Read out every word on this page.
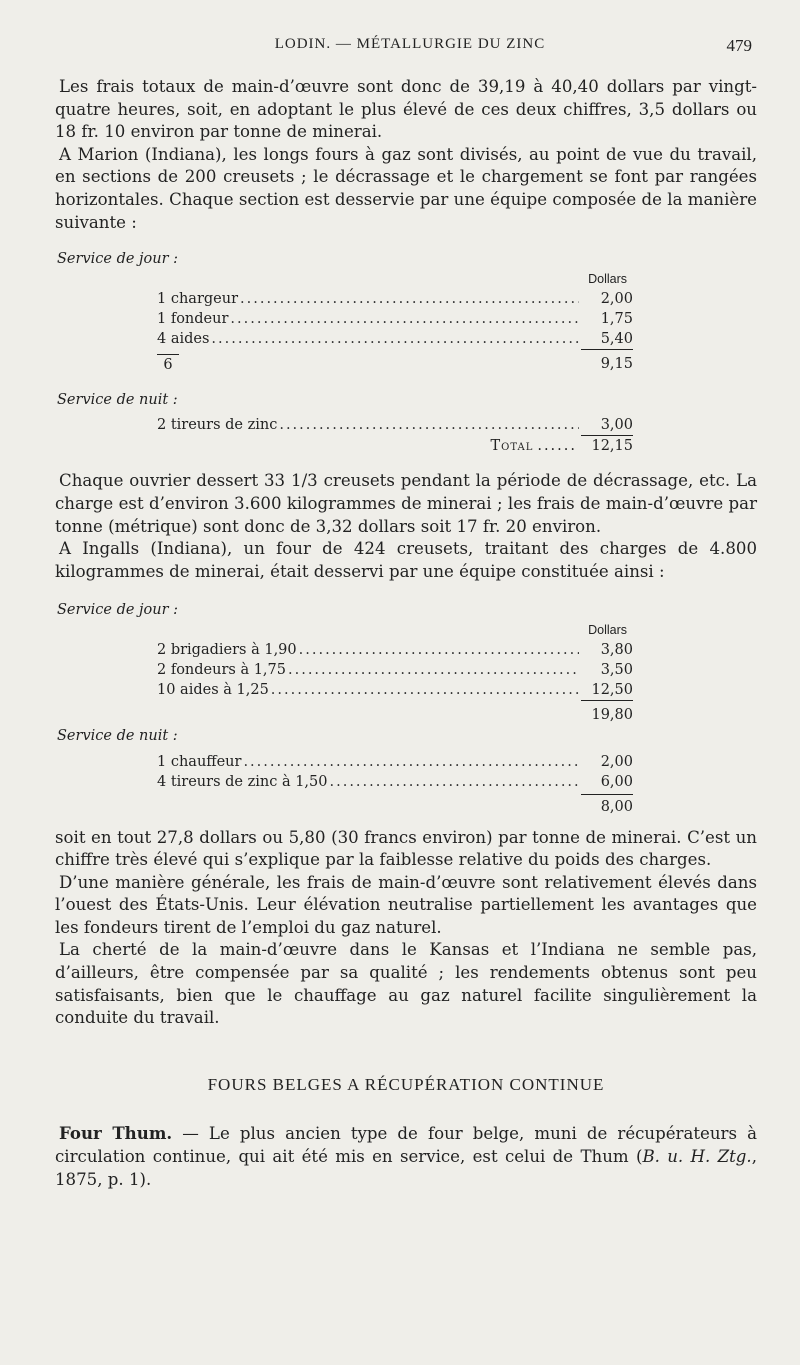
LODIN. — MÉTALLURGIE DU ZINC	479

Les frais totaux de main-d’œuvre sont donc de 39,19 à 40,40 dollars par vingt-quatre heures, soit, en adoptant le plus élevé de ces deux chiffres, 3,5 dollars ou 18 fr. 10 environ par tonne de minerai.

A Marion (Indiana), les longs fours à gaz sont divisés, au point de vue du travail, en sections de 200 creusets ; le décrassage et le chargement se font par rangées horizontales. Chaque section est desservie par une équipe composée de la manière suivante :

Service de jour :
Dollars
1 chargeur .....	2,00
1 fondeur .....	1,75
4 aides .....	5,40
6	9,15
Service de nuit :
2 tireurs de zinc .....	3,00
Total ...... 12,15

Chaque ouvrier dessert 33 1/3 creusets pendant la période de décrassage, etc. La charge est d’environ 3.600 kilogrammes de minerai ; les frais de main-d’œuvre par tonne (métrique) sont donc de 3,32 dollars soit 17 fr. 20 environ.

A Ingalls (Indiana), un four de 424 creusets, traitant des charges de 4.800 kilogrammes de minerai, était desservi par une équipe constituée ainsi :

Service de jour :
Dollars
2 brigadiers à 1,90 .....	3,80
2 fondeurs à 1,75 .....	3,50
10 aides à 1,25 .....	12,50
19,80
Service de nuit :
1 chauffeur .....	2,00
4 tireurs de zinc à 1,50 .....	6,00
8,00

soit en tout 27,8 dollars ou 5,80 (30 francs environ) par tonne de minerai. C’est un chiffre très élevé qui s’explique par la faiblesse relative du poids des charges.

D’une manière générale, les frais de main-d’œuvre sont relativement élevés dans l’ouest des États-Unis. Leur élévation neutralise partiellement les avantages que les fondeurs tirent de l’emploi du gaz naturel.

La cherté de la main-d’œuvre dans le Kansas et l’Indiana ne semble pas, d’ailleurs, être compensée par sa qualité ; les rendements obtenus sont peu satisfaisants, bien que le chauffage au gaz naturel facilite singulièrement la conduite du travail.

FOURS BELGES A RÉCUPÉRATION CONTINUE

Four Thum. — Le plus ancien type de four belge, muni de récupérateurs à circulation continue, qui ait été mis en service, est celui de Thum (B. u. H. Ztg., 1875, p. 1).
